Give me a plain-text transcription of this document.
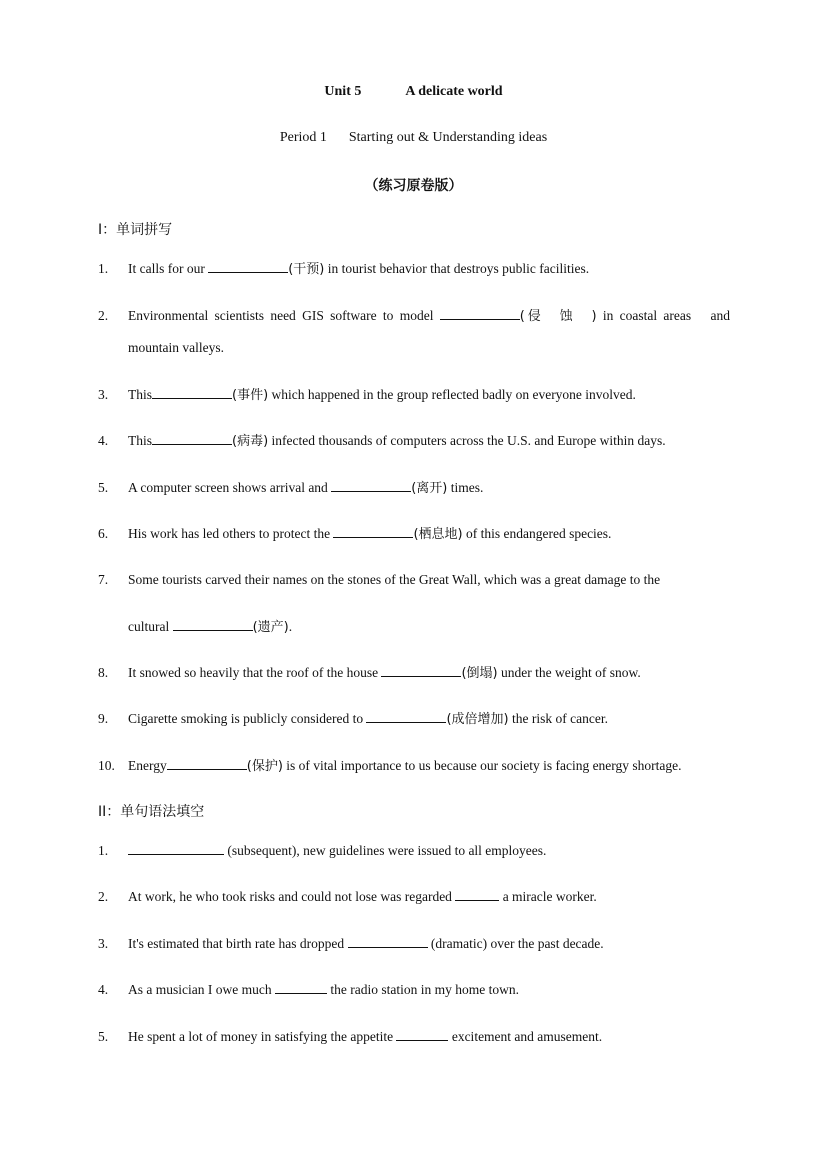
Unit 5	A delicate world
Period 1 Starting out & Understanding ideas
（练习原卷版）
I：单词拼写
1. It calls for our	(干预) in tourist behavior that destroys public facilities.
2. Environmental scientists need GIS software to model	(侵　蚀　) in coastal areas　and
mountain valleys.
3. This	(事件) which happened in the group reflected badly on everyone involved.
4. This	(病毒) infected thousands of computers across the U.S. and Europe within days.
5. A computer screen shows arrival and	(离开) times.
6. His work has led others to protect the	(栖息地) of this endangered species.
7. Some tourists carved their names on the stones of the Great Wall, which was a great damage to the
cultural	(遗产).
8. It snowed so heavily that the roof of the house	(倒塌) under the weight of snow.
9. Cigarette smoking is publicly considered to	(成倍增加) the risk of cancer.
10. Energy	(保护) is of vital importance to us because our society is facing energy shortage.
II：单句语法填空
1.	(subsequent), new guidelines were issued to all employees.
2. At work, he who took risks and could not lose was regarded	a miracle worker.
3. It's estimated that birth rate has dropped	(dramatic) over the past decade.
4. As a musician I owe much	the radio station in my home town.
5. He spent a lot of money in satisfying the appetite	excitement and amusement.
